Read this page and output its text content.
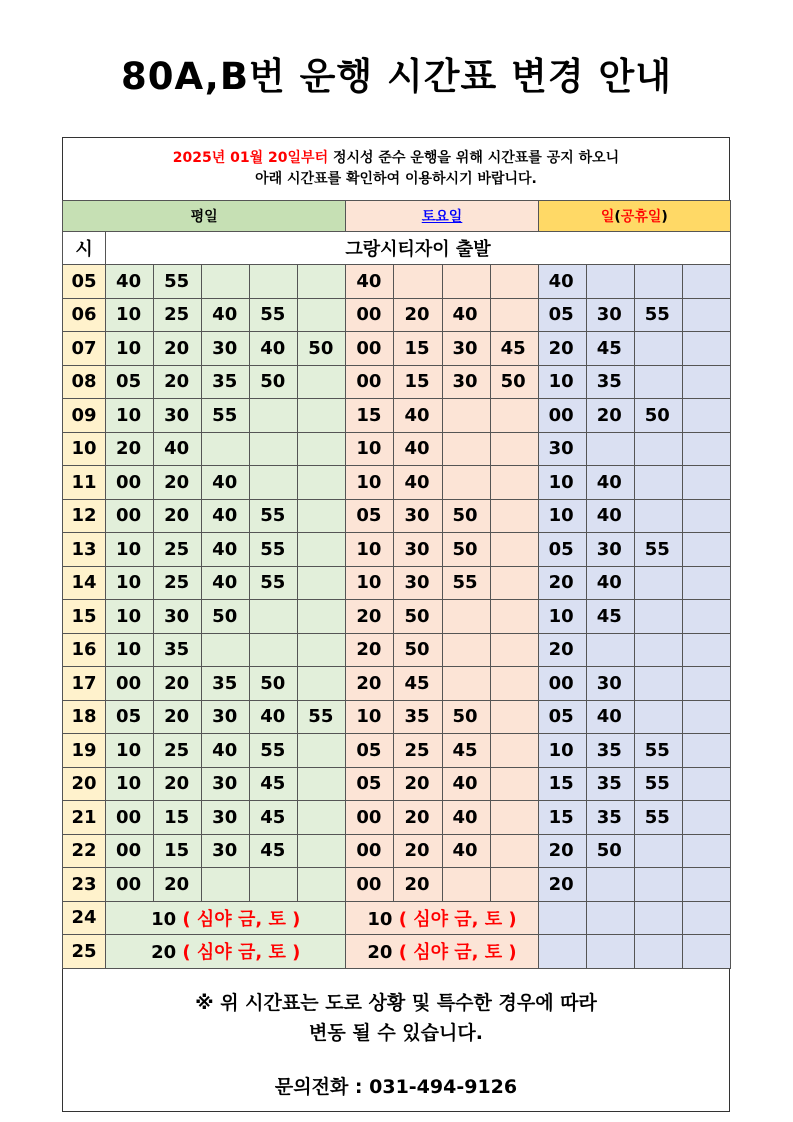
80A,B번 운행 시간표 변경 안내
2025년 01월 20일부터 정시성 준수 운행을 위해 시간표를 공지 하오니
아래 시간표를 확인하여 이용하시기 바랍니다.
평일						토요일				일(공휴일)			
시	그랑시티자이 출발												
05	40	55				40				40			
06	10	25	40	55		00	20	40		05	30	55	
07	10	20	30	40	50	00	15	30	45	20	45		
08	05	20	35	50		00	15	30	50	10	35		
09	10	30	55			15	40			00	20	50	
10	20	40				10	40			30			
11	00	20	40			10	40			10	40		
12	00	20	40	55		05	30	50		10	40		
13	10	25	40	55		10	30	50		05	30	55	
14	10	25	40	55		10	30	55		20	40		
15	10	30	50			20	50			10	45		
16	10	35				20	50			20			
17	00	20	35	50		20	45			00	30		
18	05	20	30	40	55	10	35	50		05	40		
19	10	25	40	55		05	25	45		10	35	55	
20	10	20	30	45		05	20	40		15	35	55	
21	00	15	30	45		00	20	40		15	35	55	
22	00	15	30	45		00	20	40		20	50		
23	00	20				00	20			20			
24	10 ( 심야 금, 토 )					10 ( 심야 금, 토 )							
25	20 ( 심야 금, 토 )					20 ( 심야 금, 토 )							
※ 위 시간표는 도로 상황 및 특수한 경우에 따라
변동 될 수 있습니다.
문의전화 : 031-494-9126
